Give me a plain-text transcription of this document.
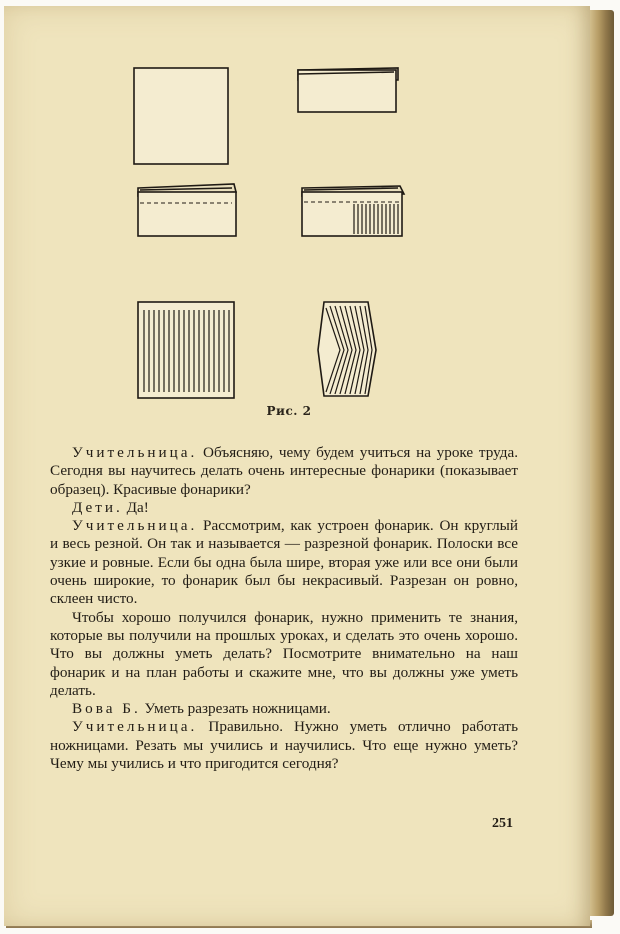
Рис. 2

Учительница. Объясняю, чему будем учиться на уроке труда. Сегодня вы научитесь делать очень интересные фонарики (показывает образец). Красивые фонарики?

Дети. Да!

Учительница. Рассмотрим, как устроен фонарик. Он круглый и весь резной. Он так и называется — разрезной фонарик. Полоски все узкие и ровные. Если бы одна была шире, вторая уже или все они были очень широкие, то фонарик был бы некрасивый. Разрезан он ровно, склеен чисто.

Чтобы хорошо получился фонарик, нужно применить те знания, которые вы получили на прошлых уроках, и сделать это очень хорошо. Что вы должны уметь делать? Посмотрите внимательно на наш фонарик и на план работы и скажите мне, что вы должны уже уметь делать.

Вова Б. Уметь разрезать ножницами.

Учительница. Правильно. Нужно уметь отлично работать ножницами. Резать мы учились и научились. Что еще нужно уметь? Чему мы учились и что пригодится сегодня?

251
